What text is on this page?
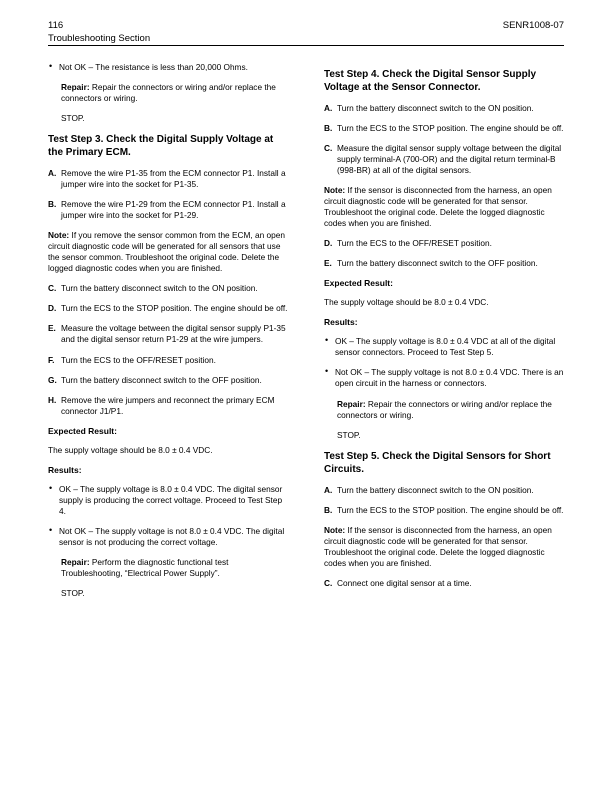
116	SENR1008-07
Troubleshooting Section
• Not OK – The resistance is less than 20,000 Ohms.
Repair: Repair the connectors or wiring and/or replace the connectors or wiring.
STOP.
Test Step 3. Check the Digital Supply Voltage at the Primary ECM.
A. Remove the wire P1-35 from the ECM connector P1. Install a jumper wire into the socket for P1-35.
B. Remove the wire P1-29 from the ECM connector P1. Install a jumper wire into the socket for P1-29.
Note: If you remove the sensor common from the ECM, an open circuit diagnostic code will be generated for all sensors that use the sensor common. Troubleshoot the original code. Delete the logged diagnostic codes when you are finished.
C. Turn the battery disconnect switch to the ON position.
D. Turn the ECS to the STOP position. The engine should be off.
E. Measure the voltage between the digital sensor supply P1-35 and the digital sensor return P1-29 at the wire jumpers.
F. Turn the ECS to the OFF/RESET position.
G. Turn the battery disconnect switch to the OFF position.
H. Remove the wire jumpers and reconnect the primary ECM connector J1/P1.
Expected Result:
The supply voltage should be 8.0 ± 0.4 VDC.
Results:
• OK – The supply voltage is 8.0 ± 0.4 VDC. The digital sensor supply is producing the correct voltage. Proceed to Test Step 4.
• Not OK – The supply voltage is not 8.0 ± 0.4 VDC. The digital sensor is not producing the correct voltage.
Repair: Perform the diagnostic functional test Troubleshooting, “Electrical Power Supply”.
STOP.
Test Step 4. Check the Digital Sensor Supply Voltage at the Sensor Connector.
A. Turn the battery disconnect switch to the ON position.
B. Turn the ECS to the STOP position. The engine should be off.
C. Measure the digital sensor supply voltage between the digital supply terminal-A (700-OR) and the digital return terminal-B (998-BR) at all of the digital sensors.
Note: If the sensor is disconnected from the harness, an open circuit diagnostic code will be generated for that sensor. Troubleshoot the original code. Delete the logged diagnostic codes when you are finished.
D. Turn the ECS to the OFF/RESET position.
E. Turn the battery disconnect switch to the OFF position.
Expected Result:
The supply voltage should be 8.0 ± 0.4 VDC.
Results:
• OK – The supply voltage is 8.0 ± 0.4 VDC at all of the digital sensor connectors. Proceed to Test Step 5.
• Not OK – The supply voltage is not 8.0 ± 0.4 VDC. There is an open circuit in the harness or connectors.
Repair: Repair the connectors or wiring and/or replace the connectors or wiring.
STOP.
Test Step 5. Check the Digital Sensors for Short Circuits.
A. Turn the battery disconnect switch to the ON position.
B. Turn the ECS to the STOP position. The engine should be off.
Note: If the sensor is disconnected from the harness, an open circuit diagnostic code will be generated for that sensor. Troubleshoot the original code. Delete the logged diagnostic codes when you are finished.
C. Connect one digital sensor at a time.
